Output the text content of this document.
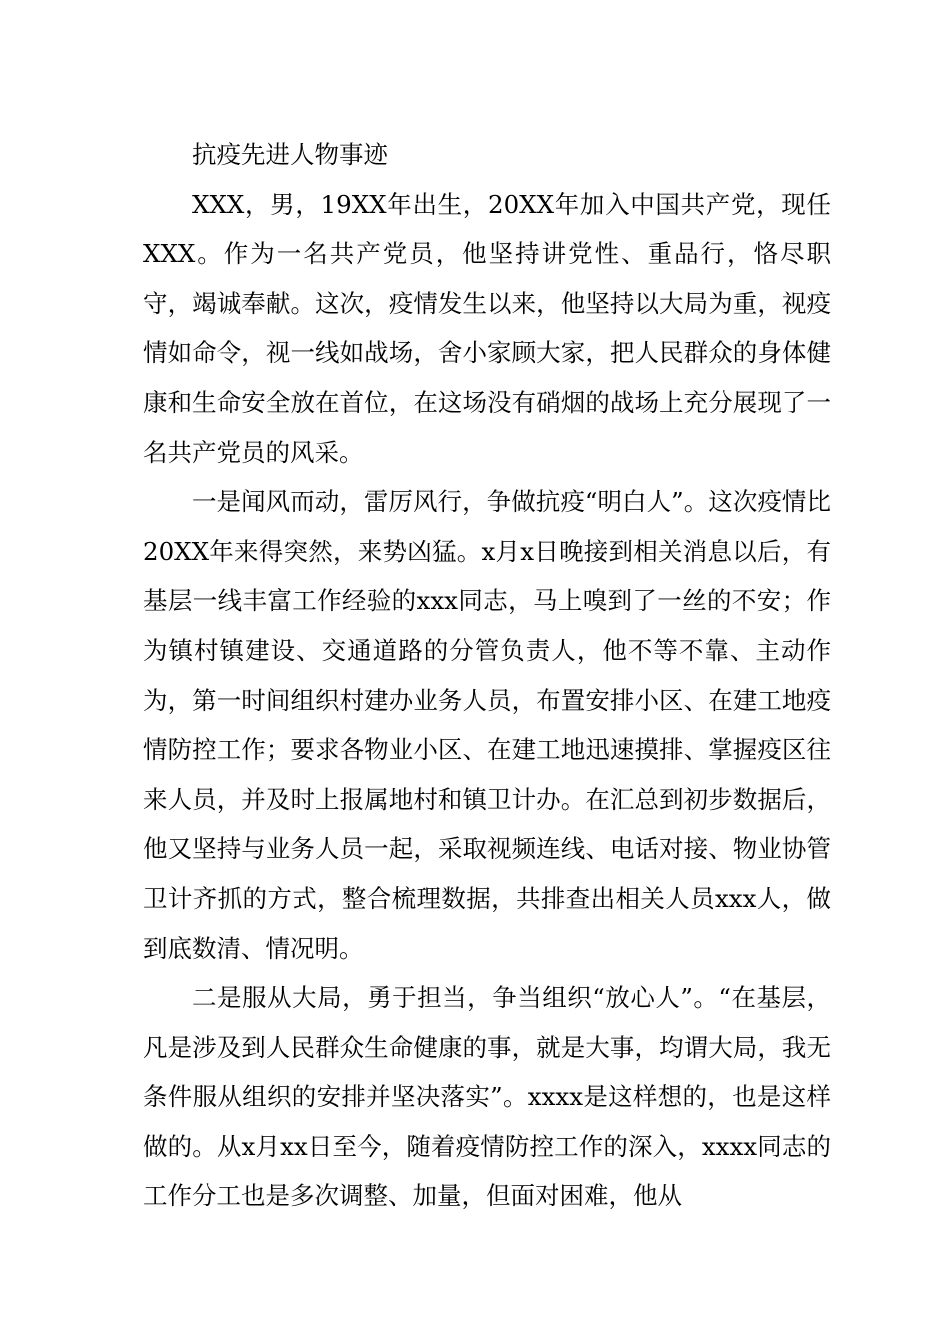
抗疫先进人物事迹

XXX，男，19XX年出生，20XX年加入中国共产党，现任XXX。作为一名共产党员，他坚持讲党性、重品行，恪尽职守，竭诚奉献。这次，疫情发生以来，他坚持以大局为重，视疫情如命令，视一线如战场，舍小家顾大家，把人民群众的身体健康和生命安全放在首位，在这场没有硝烟的战场上充分展现了一名共产党员的风采。

一是闻风而动，雷厉风行，争做抗疫“明白人”。这次疫情比20XX年来得突然，来势凶猛。x月x日晚接到相关消息以后，有基层一线丰富工作经验的xxx同志，马上嗅到了一丝的不安；作为镇村镇建设、交通道路的分管负责人，他不等不靠、主动作为，第一时间组织村建办业务人员，布置安排小区、在建工地疫情防控工作；要求各物业小区、在建工地迅速摸排、掌握疫区往来人员，并及时上报属地村和镇卫计办。在汇总到初步数据后，他又坚持与业务人员一起，采取视频连线、电话对接、物业协管卫计齐抓的方式，整合梳理数据，共排查出相关人员xxx人，做到底数清、情况明。

二是服从大局，勇于担当，争当组织“放心人”。“在基层，凡是涉及到人民群众生命健康的事，就是大事，均谓大局，我无条件服从组织的安排并坚决落实”。xxxx是这样想的，也是这样做的。从x月xx日至今，随着疫情防控工作的深入，xxxx同志的工作分工也是多次调整、加量，但面对困难，他从
